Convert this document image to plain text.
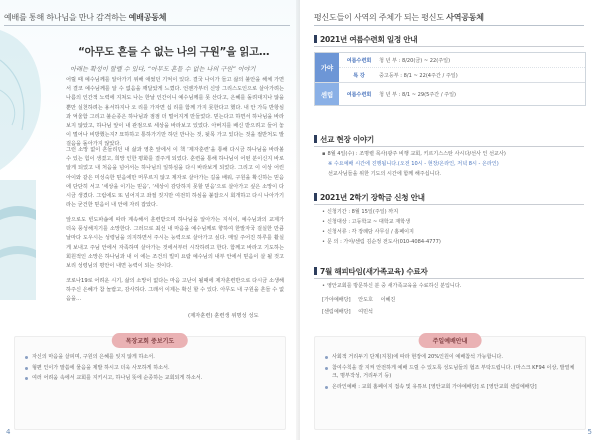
예배를 통해 하나님을 만나 감격하는 예배공동체
“아무도 흔들 수 없는 나의 구원”을 읽고…
아래는 확성이 할렐 수 있다, “아무도 흔들 수 없는 나의 구원” 이야기

어릴 때 예수님께를 알아가기 위해 애썼던 기억이 있다. 결국 나이가 들고 삶의 불안을 해체 가면서 결코 예수님께를 알 수 없음을 깨달았게 느꼈다. 언젠가부터 신앙 그리스도인으로 살아가려는 나름의 인간적 노력에 지쳐도 나는 한날 인간이니 예수님께를 못 산다고, 은혜를 돌려대지나 않을 뿐만 실천하려는 용서하지나 오 리를 가자면 십 리를 함께 가지 못한다고 했다. 내 안 가득 반항심과 억울함 그리고 불순종은 하나님과 점점 더 멀어지게 만들었다. 믿는다고 하면서 하나님을 바라보지 않았고, 하나님 앞이 내 관점으로 세상을 바라보고 있었다. 아버지를 배신 받으려고 들어 놓이 멀어나 비방했는지? 묘하하고 통하가기만 하던 만나는 것, 뒷목 가고 있다는 것을 절반처도 발걸음을 돌아가지 않았다.

그런 소망 없이 흔들리던 내 삶과 영혼 앞에서 이 책 ‘제자훈련’을 통해 다시금 하나님을 바라볼 수 있는 힘이 생겼고, 희망 인한 평화를 결주게 되었다. 훈련을 통해 하나님이 어떤 분이신지 바로 알게 되었고 내 처음을 넘어서는 하나님의 일하심을 다시 바라보게 되었다. 그리고 이 이상 어린아이와 같은 미성숙한 믿음에만 머무르지 않고 제자로 살아가는 길을 배워, 구원을 확신하는 믿음에 단단히 서고 ‘세상을 이기는 믿음’, ‘세상이 감당하지 못할 믿음’으로 살아가고 싶은 소망이 다시금 생겼다. 그럼에도 또 넘어지고 좌절 짓지만 여전히 하심을 붙잡으시 회개하고 다시 나아가기라는 굳건한 믿음이 내 안에 자리 잡았다.

앞으로도 빈도파숍에 따라 계속해서 훈련받으며 하나님을 알아가는 지식이, 예수님과의 교제가 더욱 풍성해지기를 소망한다. 그러므로 최선 내 마음을 예수님께로 향하여 한발자국 걸실한 만큼 날마다 도우시는 성령님을 의지하면서 주시는 능력으로 살아가고 싶다. 매일 주어진 하루를 활실게 보내고 주님 안에서 자족하며 살아가는 것에서부터 시작하려고 한다. 함께고 바라고 기도하는 회원적인 소망은 하나님과 내 이 에는 조건의 빌미 요람 예수님의 내부 안에서 믿음이 살 될 것고 보리 성령님의 평안이 내면 능력이 되는 것이다.

코로나19로 어려운 시기, 삶의 소망이 없다는 마음 고난이 될때에 제자훈련반으로 다시금 소생해 하주신 은혜가 참 놀랍고, 감사하다. 그래서 이제는 확신 할 수 있다. 아무도 내 구원을 흔들 수 없음을…

(제자훈련) 훈련생 위명성 성도
목장교회 중보기도
자신의 마음을 살피며, 구원의 은혜를 잊지 않게 하소서.
형편 인이가 말씀에 물음을 제발 하시고 더욱 사모하게 하소서.
여러 어려움 속에서 교회를 지키시고, 하나님 뜻에 순종하는 교회되게 하소서.
4
평신도들이 사역의 주체가 되는 평신도 사역공동체
2021년 여름수련회 일정 안내
가야
여름수련회	청 년 부 : 8/20(금) ~ 22(주일)
특 강	중고등부 : 8/1 ~ 22(4주간 / 주일)
센림	여름수련회	청 년 부 : 8/1 ~ 29(5주간 / 주일)
선교 현장 이야기
▪ 8월 4일(수) : 조명렬 목사(광주 비행 교회, 키르기스스탄 사시다/선사 인 선교사)
※ 수요예배 시간에 진행됩니다.(오전 10시 - 현장/온라인, 저녁 8시 - 온라인)
선교사님들을 위한 기도의 시간에 함께 해주십니다.
2021년 2학기 장학금 신청 안내
• 신청기간 : 8월 15일(주일) 까지
• 신청대상 : 고등학교 ~ 대학교 재학생
• 신청서류 : 각 장례담 사무실 / 홈페이지
• 문 의 : 가야/센림 김순정 전도사(010-4084-4777)
7월 해피타임(새가족교육) 수료자
• 영안교회를 방문하신 분 중 새가족교육을 수료하신 분입니다.
[가야예배당] 안도호 이혜진
[센림예배당] 여민석
주일예배안내
사회적 거리두기 단계(지침)에 따라 현장에 20%인원이 예배참석 가능합니다.
참여수칙을 잘 지켜 안전하게 예배 드릴 수 있도록 성도님들의 협조 부탁드립니다. (마스크 KF94 이상, 발열체크, 명부작성, 거리두기 등)
온라인예배 : 교회 홈페이지 접속 및 유튜브 [영안교회 가야예배당] 로 [영안교회 센림예배당]
5
